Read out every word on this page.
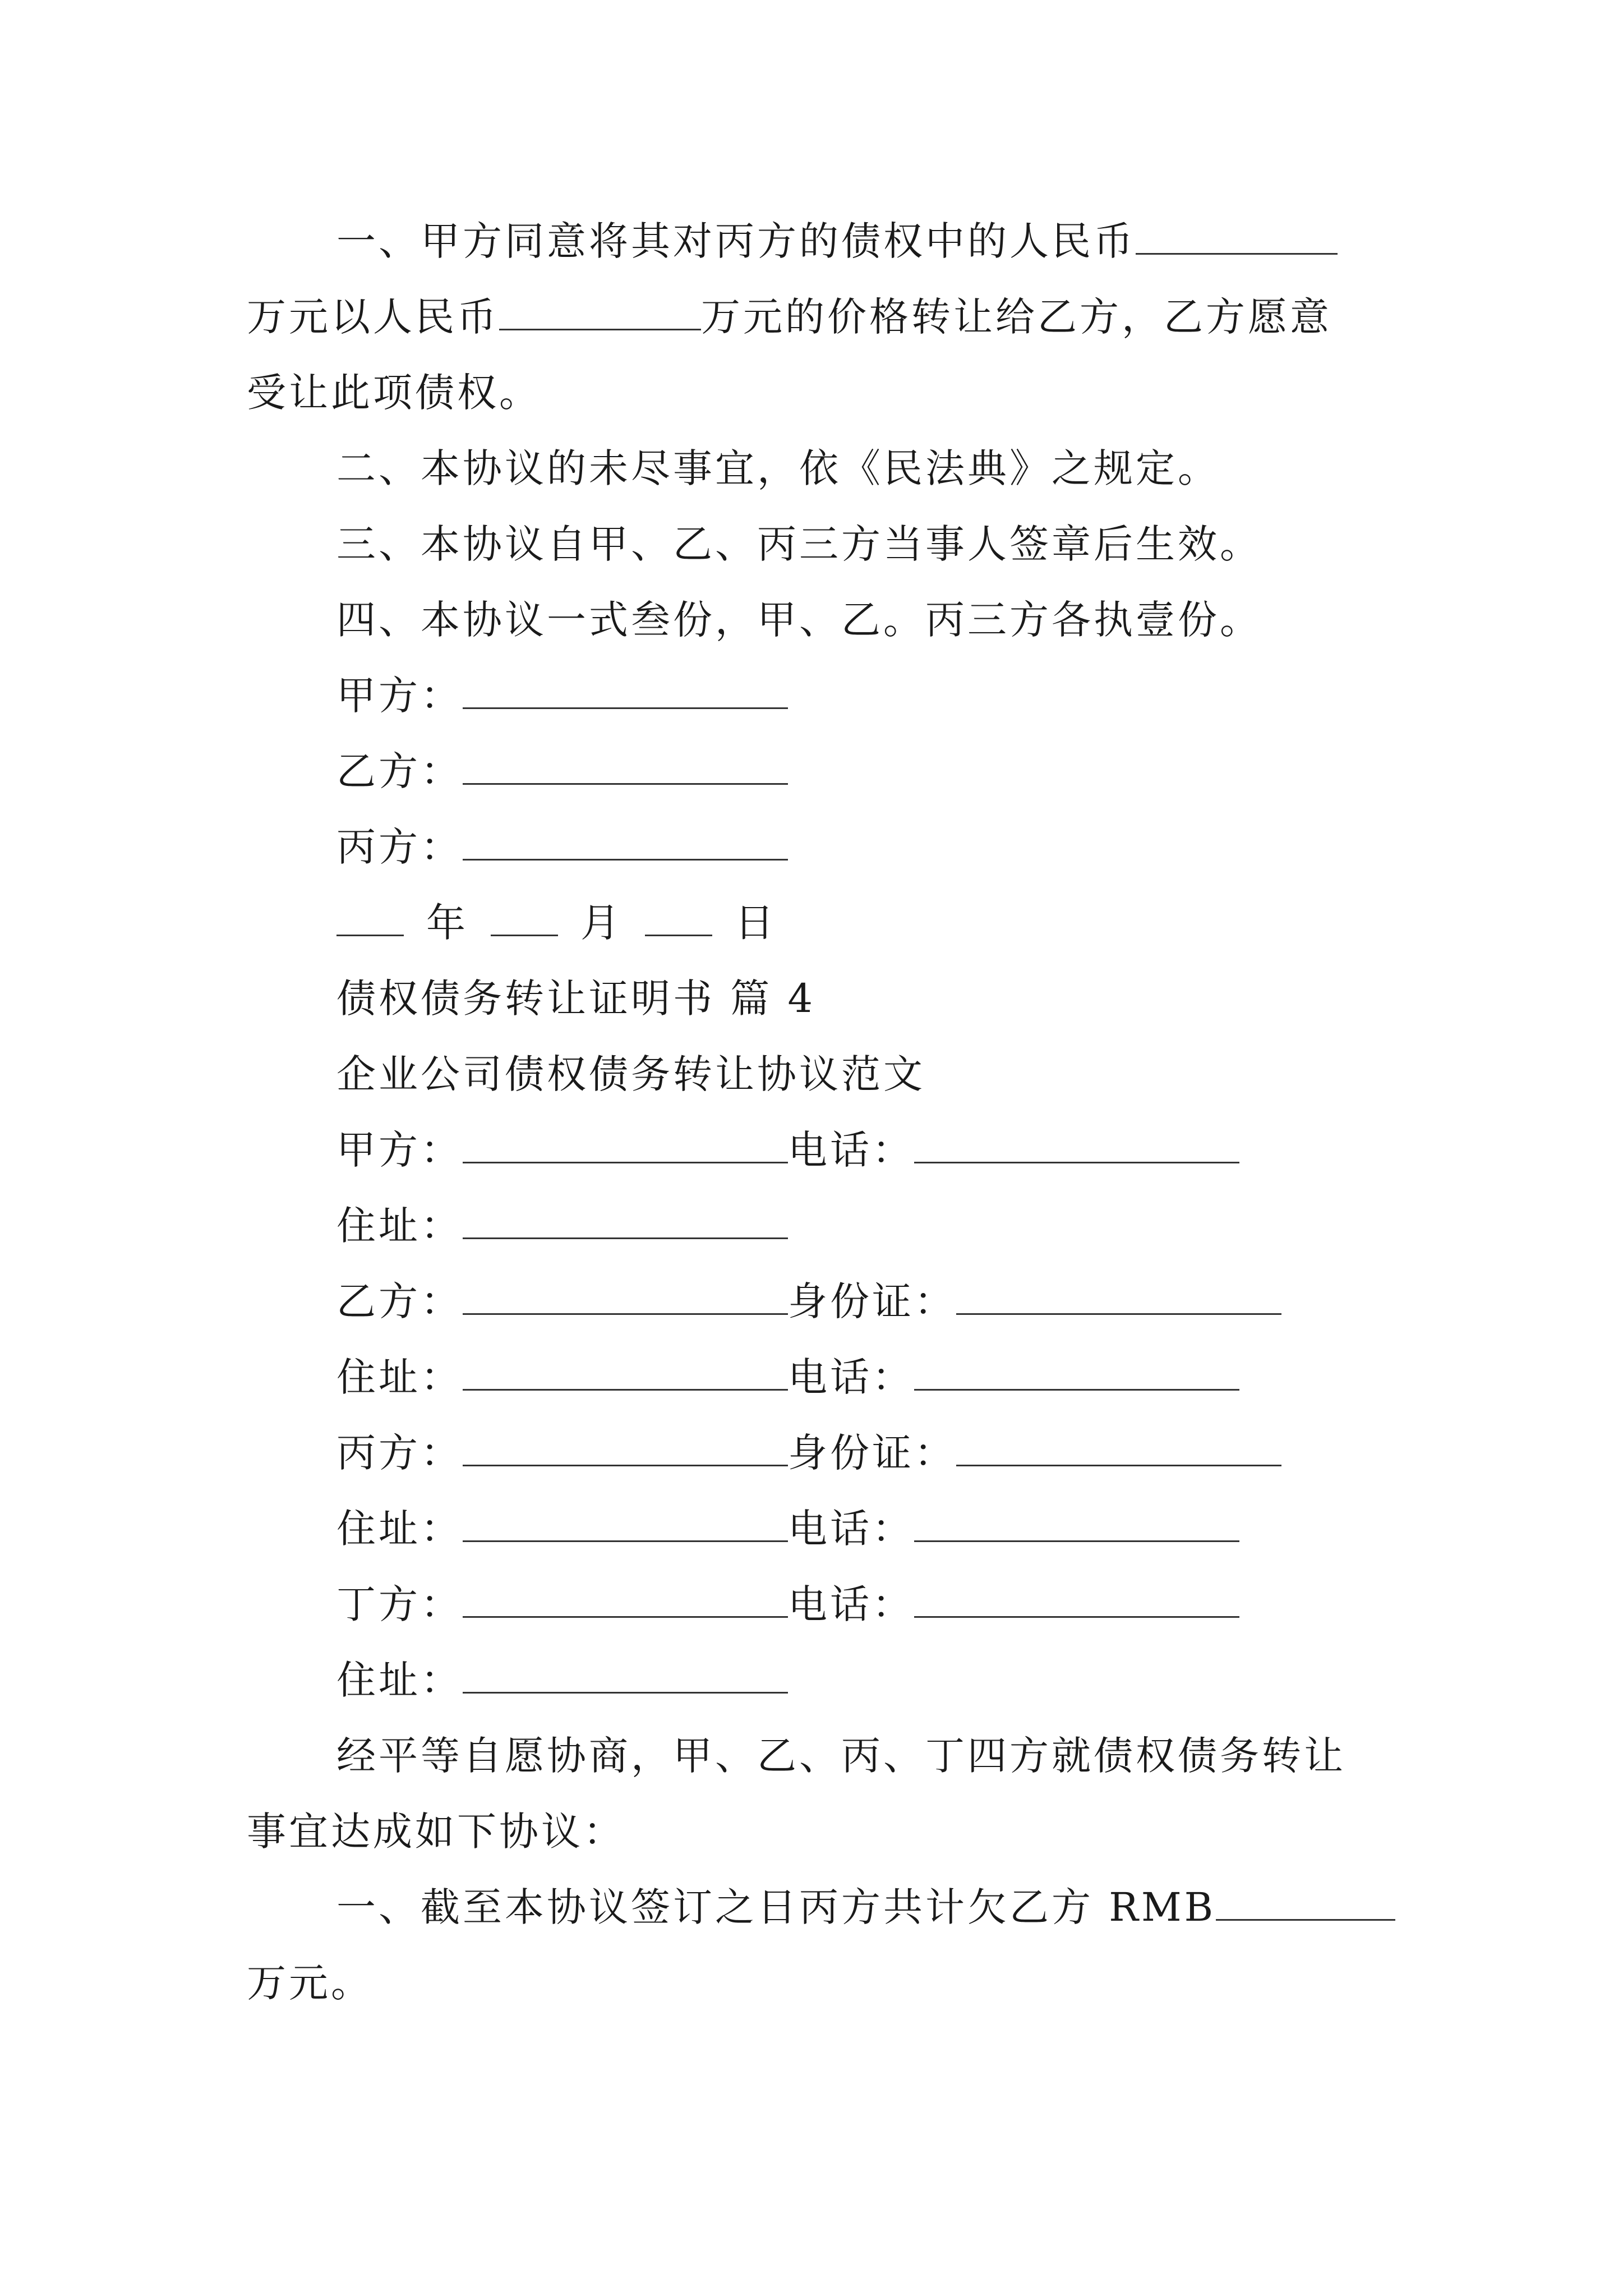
一、甲方同意将其对丙方的债权中的人民币
万元以人民币	万元的价格转让给乙方，乙方愿意
受让此项债权。
二、本协议的未尽事宜，依《民法典》之规定。
三、本协议自甲、乙、丙三方当事人签章后生效。
四、本协议一式叁份，甲、乙。丙三方各执壹份。
甲方：
乙方：
丙方：
年	月	日
债权债务转让证明书 篇 4
企业公司债权债务转让协议范文
甲方：	电话：
住址：
乙方：	身份证：
住址：	电话：
丙方：	身份证：
住址：	电话：
丁方：	电话：
住址：
经平等自愿协商，甲、乙、丙、丁四方就债权债务转让
事宜达成如下协议：
一、截至本协议签订之日丙方共计欠乙方 RMB
万元。
